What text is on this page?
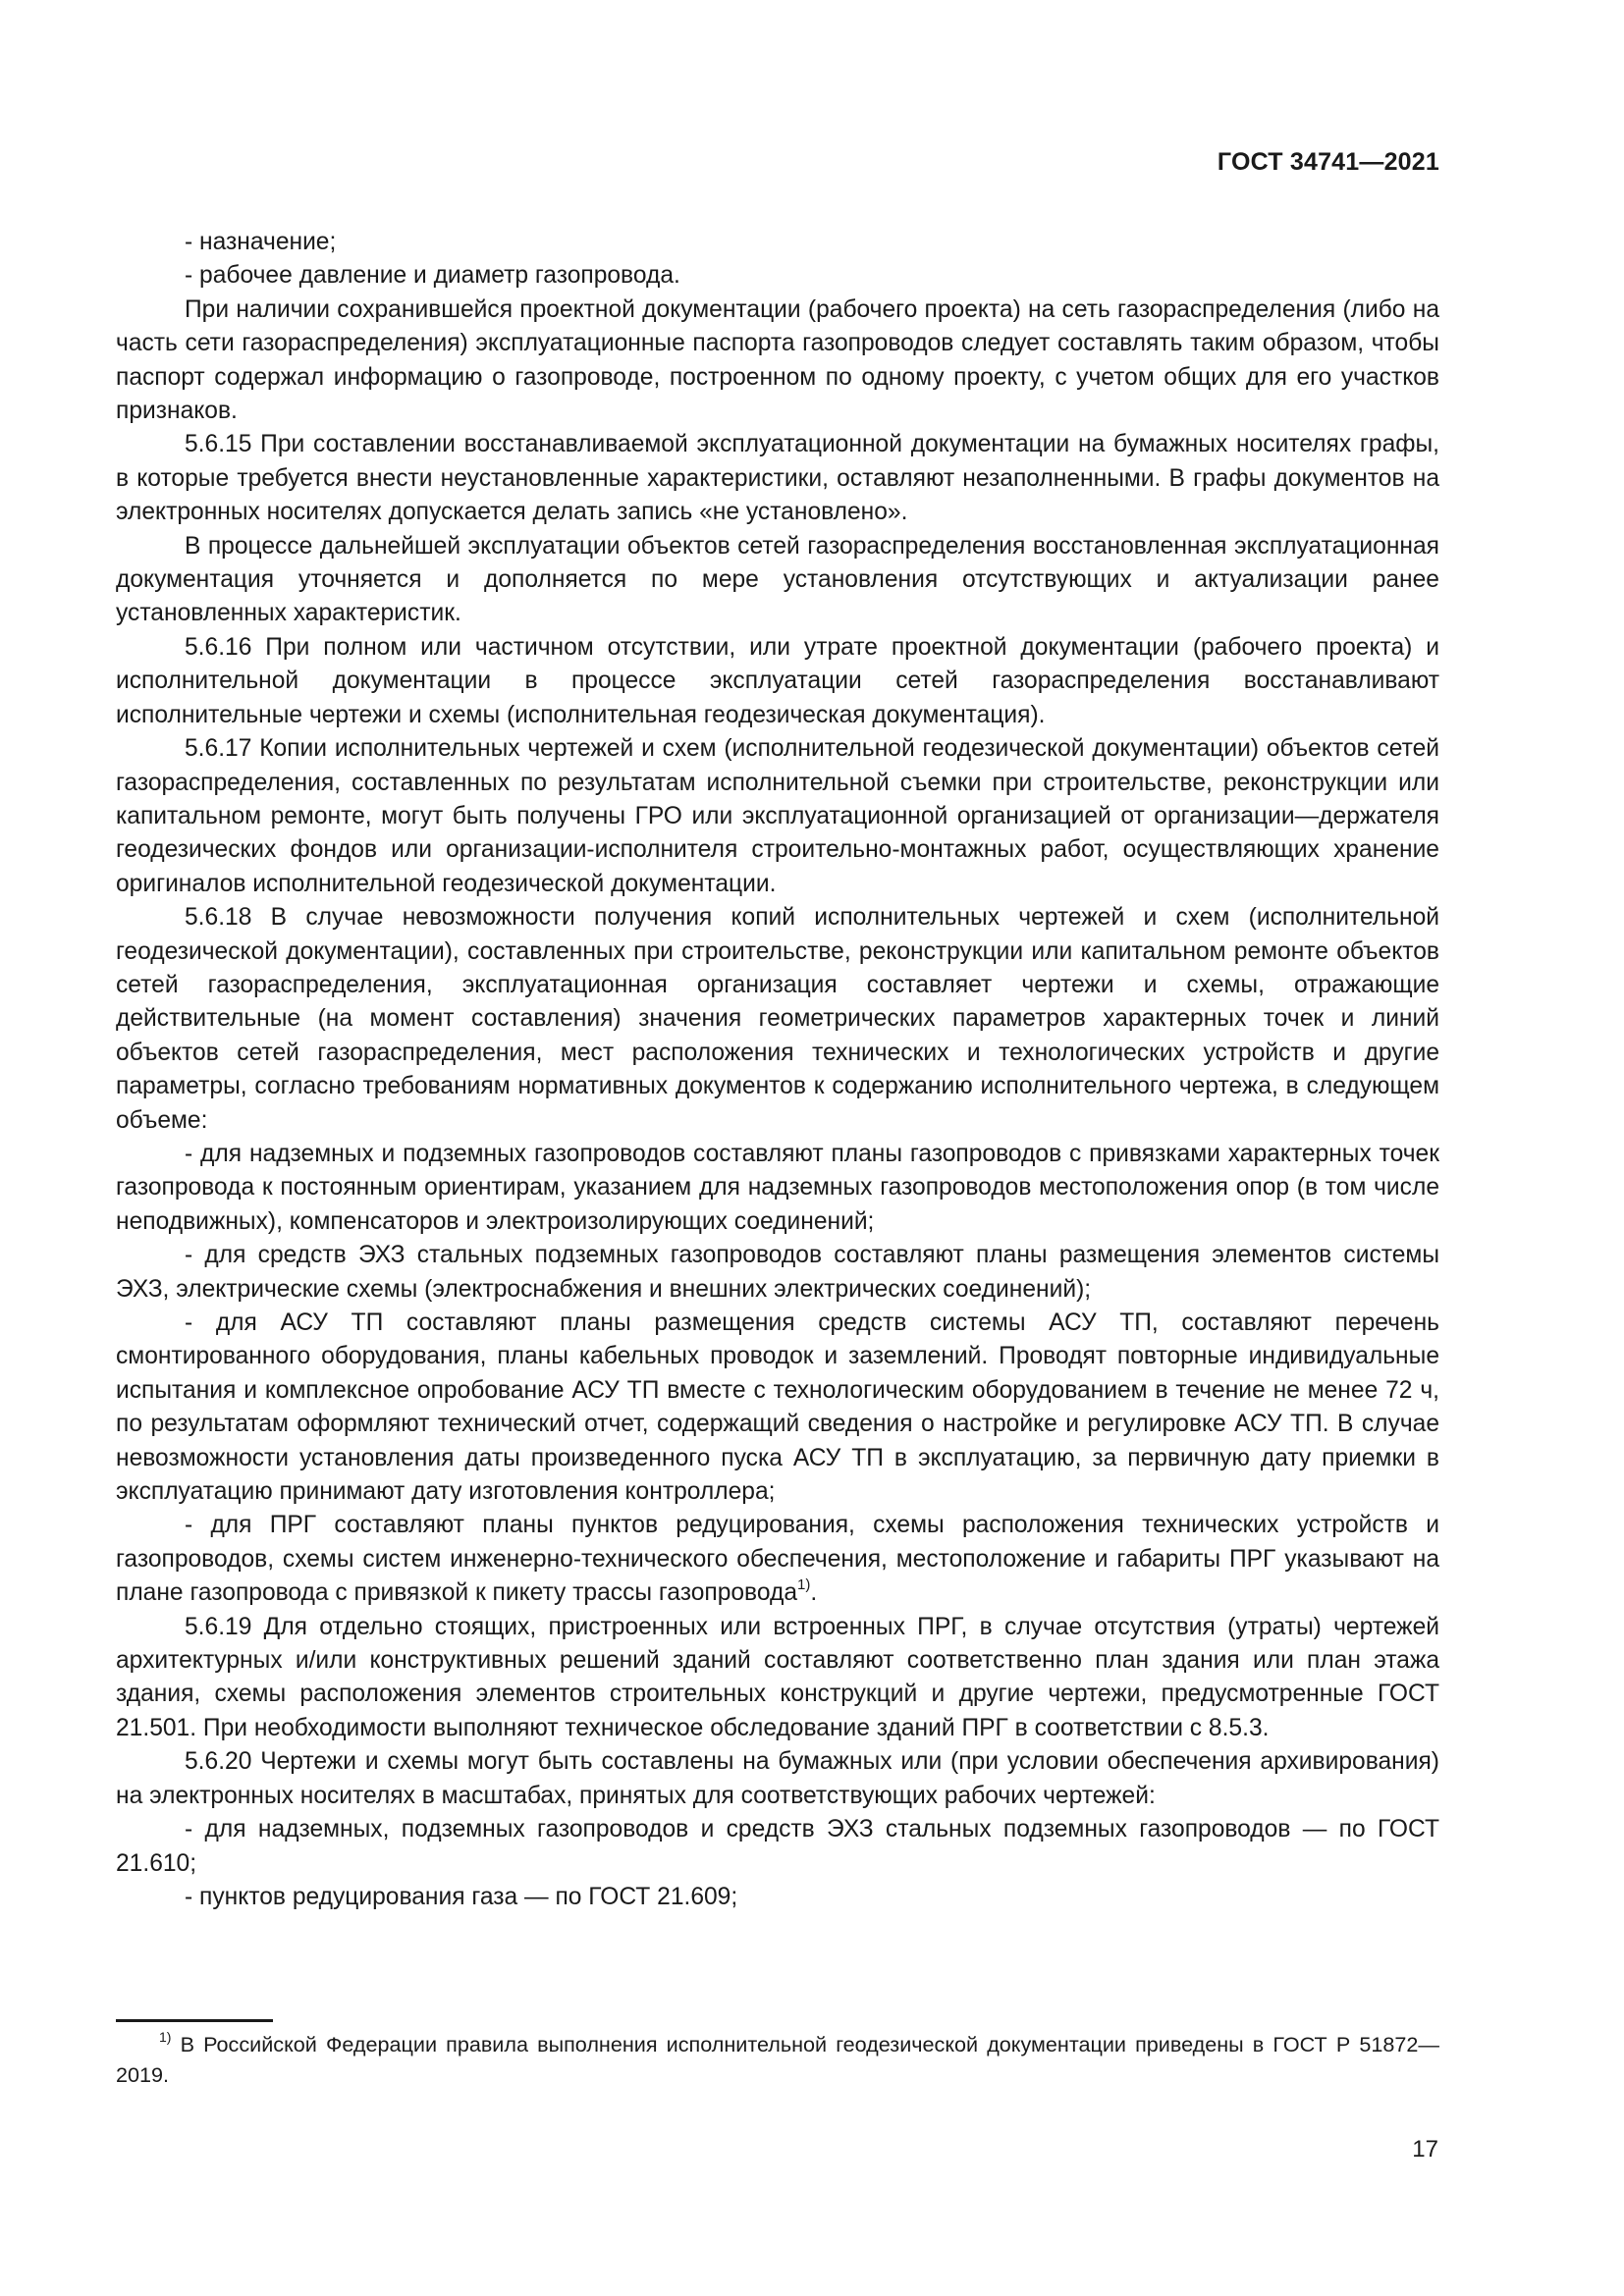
ГОСТ 34741—2021

- назначение;

- рабочее давление и диаметр газопровода.

При наличии сохранившейся проектной документации (рабочего проекта) на сеть газораспределения (либо на часть сети газораспределения) эксплуатационные паспорта газопроводов следует составлять таким образом, чтобы паспорт содержал информацию о газопроводе, построенном по одному проекту, с учетом общих для его участков признаков.

5.6.15 При составлении восстанавливаемой эксплуатационной документации на бумажных носителях графы, в которые требуется внести неустановленные характеристики, оставляют незаполненными. В графы документов на электронных носителях допускается делать запись «не установлено».

В процессе дальнейшей эксплуатации объектов сетей газораспределения восстановленная эксплуатационная документация уточняется и дополняется по мере установления отсутствующих и актуализации ранее установленных характеристик.

5.6.16 При полном или частичном отсутствии, или утрате проектной документации (рабочего проекта) и исполнительной документации в процессе эксплуатации сетей газораспределения восстанавливают исполнительные чертежи и схемы (исполнительная геодезическая документация).

5.6.17 Копии исполнительных чертежей и схем (исполнительной геодезической документации) объектов сетей газораспределения, составленных по результатам исполнительной съемки при строительстве, реконструкции или капитальном ремонте, могут быть получены ГРО или эксплуатационной организацией от организации—держателя геодезических фондов или организации-исполнителя строительно-монтажных работ, осуществляющих хранение оригиналов исполнительной геодезической документации.

5.6.18 В случае невозможности получения копий исполнительных чертежей и схем (исполнительной геодезической документации), составленных при строительстве, реконструкции или капитальном ремонте объектов сетей газораспределения, эксплуатационная организация составляет чертежи и схемы, отражающие действительные (на момент составления) значения геометрических параметров характерных точек и линий объектов сетей газораспределения, мест расположения технических и технологических устройств и другие параметры, согласно требованиям нормативных документов к содержанию исполнительного чертежа, в следующем объеме:

- для надземных и подземных газопроводов составляют планы газопроводов с привязками характерных точек газопровода к постоянным ориентирам, указанием для надземных газопроводов местоположения опор (в том числе неподвижных), компенсаторов и электроизолирующих соединений;

- для средств ЭХЗ стальных подземных газопроводов составляют планы размещения элементов системы ЭХЗ, электрические схемы (электроснабжения и внешних электрических соединений);

- для АСУ ТП составляют планы размещения средств системы АСУ ТП, составляют перечень смонтированного оборудования, планы кабельных проводок и заземлений. Проводят повторные индивидуальные испытания и комплексное опробование АСУ ТП вместе с технологическим оборудованием в течение не менее 72 ч, по результатам оформляют технический отчет, содержащий сведения о настройке и регулировке АСУ ТП. В случае невозможности установления даты произведенного пуска АСУ ТП в эксплуатацию, за первичную дату приемки в эксплуатацию принимают дату изготовления контроллера;

- для ПРГ составляют планы пунктов редуцирования, схемы расположения технических устройств и газопроводов, схемы систем инженерно-технического обеспечения, местоположение и габариты ПРГ указывают на плане газопровода с привязкой к пикету трассы газопровода$^{1)}$.

5.6.19 Для отдельно стоящих, пристроенных или встроенных ПРГ, в случае отсутствия (утраты) чертежей архитектурных и/или конструктивных решений зданий составляют соответственно план здания или план этажа здания, схемы расположения элементов строительных конструкций и другие чертежи, предусмотренные ГОСТ 21.501. При необходимости выполняют техническое обследование зданий ПРГ в соответствии с 8.5.3.

5.6.20 Чертежи и схемы могут быть составлены на бумажных или (при условии обеспечения архивирования) на электронных носителях в масштабах, принятых для соответствующих рабочих чертежей:

- для надземных, подземных газопроводов и средств ЭХЗ стальных подземных газопроводов — по ГОСТ 21.610;

- пунктов редуцирования газа — по ГОСТ 21.609;

$^{1)}$ В Российской Федерации правила выполнения исполнительной геодезической документации приведены в ГОСТ Р 51872—2019.

17
